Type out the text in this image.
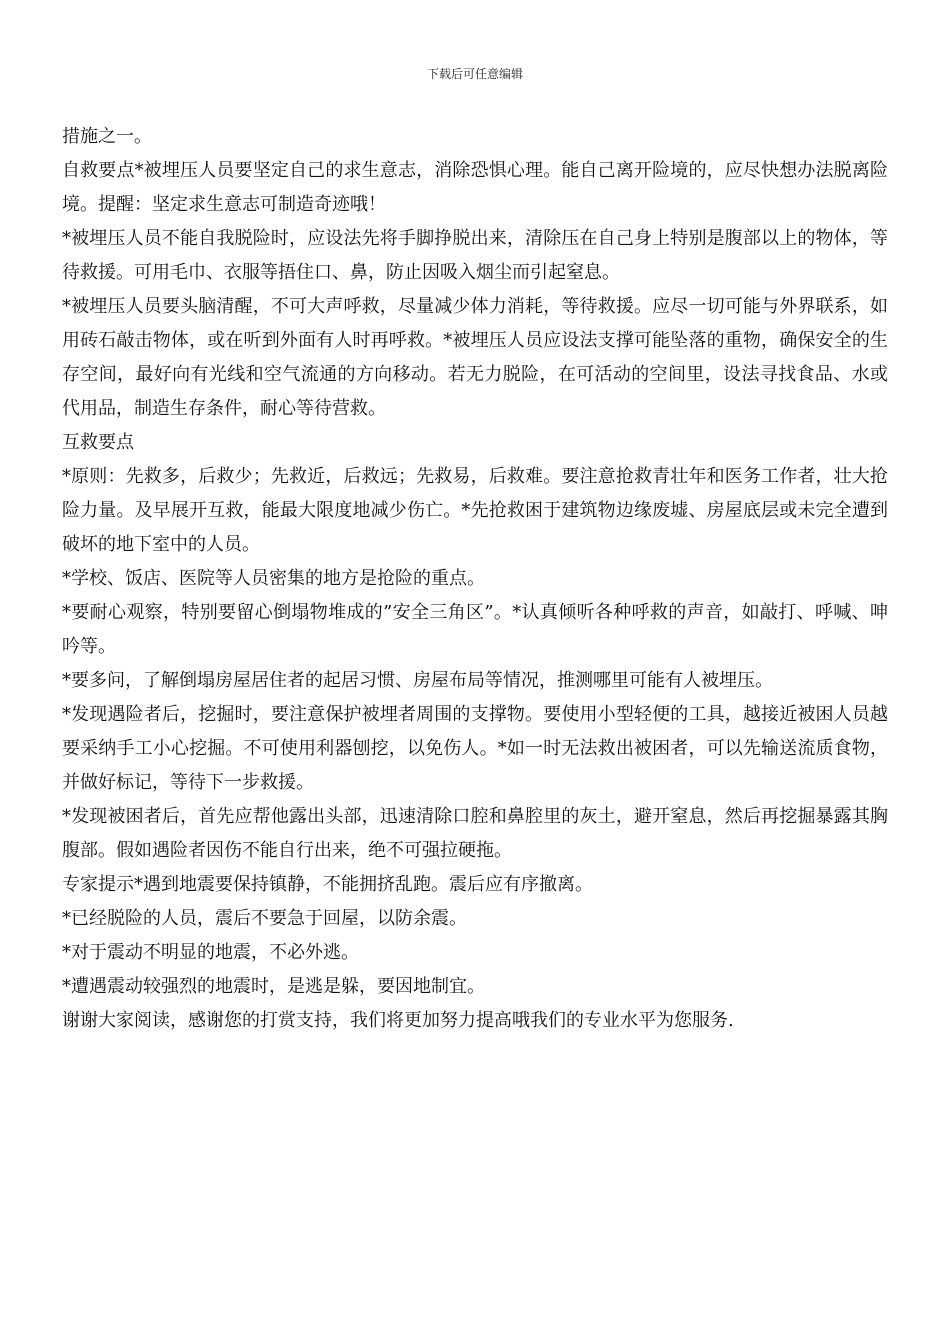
下载后可任意编辑

措施之一。

自救要点*被埋压人员要坚定自己的求生意志，消除恐惧心理。能自己离开险境的，应尽快想办法脱离险境。提醒：坚定求生意志可制造奇迹哦！

*被埋压人员不能自我脱险时，应设法先将手脚挣脱出来，清除压在自己身上特别是腹部以上的物体，等待救援。可用毛巾、衣服等捂住口、鼻，防止因吸入烟尘而引起窒息。

*被埋压人员要头脑清醒，不可大声呼救，尽量减少体力消耗，等待救援。应尽一切可能与外界联系，如用砖石敲击物体，或在听到外面有人时再呼救。*被埋压人员应设法支撑可能坠落的重物，确保安全的生存空间，最好向有光线和空气流通的方向移动。若无力脱险，在可活动的空间里，设法寻找食品、水或代用品，制造生存条件，耐心等待营救。

互救要点

*原则：先救多，后救少；先救近，后救远；先救易，后救难。要注意抢救青壮年和医务工作者，壮大抢险力量。及早展开互救，能最大限度地减少伤亡。*先抢救困于建筑物边缘废墟、房屋底层或未完全遭到破坏的地下室中的人员。

*学校、饭店、医院等人员密集的地方是抢险的重点。

*要耐心观察，特别要留心倒塌物堆成的”安全三角区”。*认真倾听各种呼救的声音，如敲打、呼喊、呻吟等。

*要多问，了解倒塌房屋居住者的起居习惯、房屋布局等情况，推测哪里可能有人被埋压。

*发现遇险者后，挖掘时，要注意保护被埋者周围的支撑物。要使用小型轻便的工具，越接近被困人员越要采纳手工小心挖掘。不可使用利器刨挖，以免伤人。*如一时无法救出被困者，可以先输送流质食物，并做好标记，等待下一步救援。

*发现被困者后，首先应帮他露出头部，迅速清除口腔和鼻腔里的灰土，避开窒息，然后再挖掘暴露其胸腹部。假如遇险者因伤不能自行出来，绝不可强拉硬拖。

专家提示*遇到地震要保持镇静，不能拥挤乱跑。震后应有序撤离。

*已经脱险的人员，震后不要急于回屋，以防余震。

*对于震动不明显的地震，不必外逃。

*遭遇震动较强烈的地震时，是逃是躲，要因地制宜。

谢谢大家阅读，感谢您的打赏支持，我们将更加努力提高哦我们的专业水平为您服务.
